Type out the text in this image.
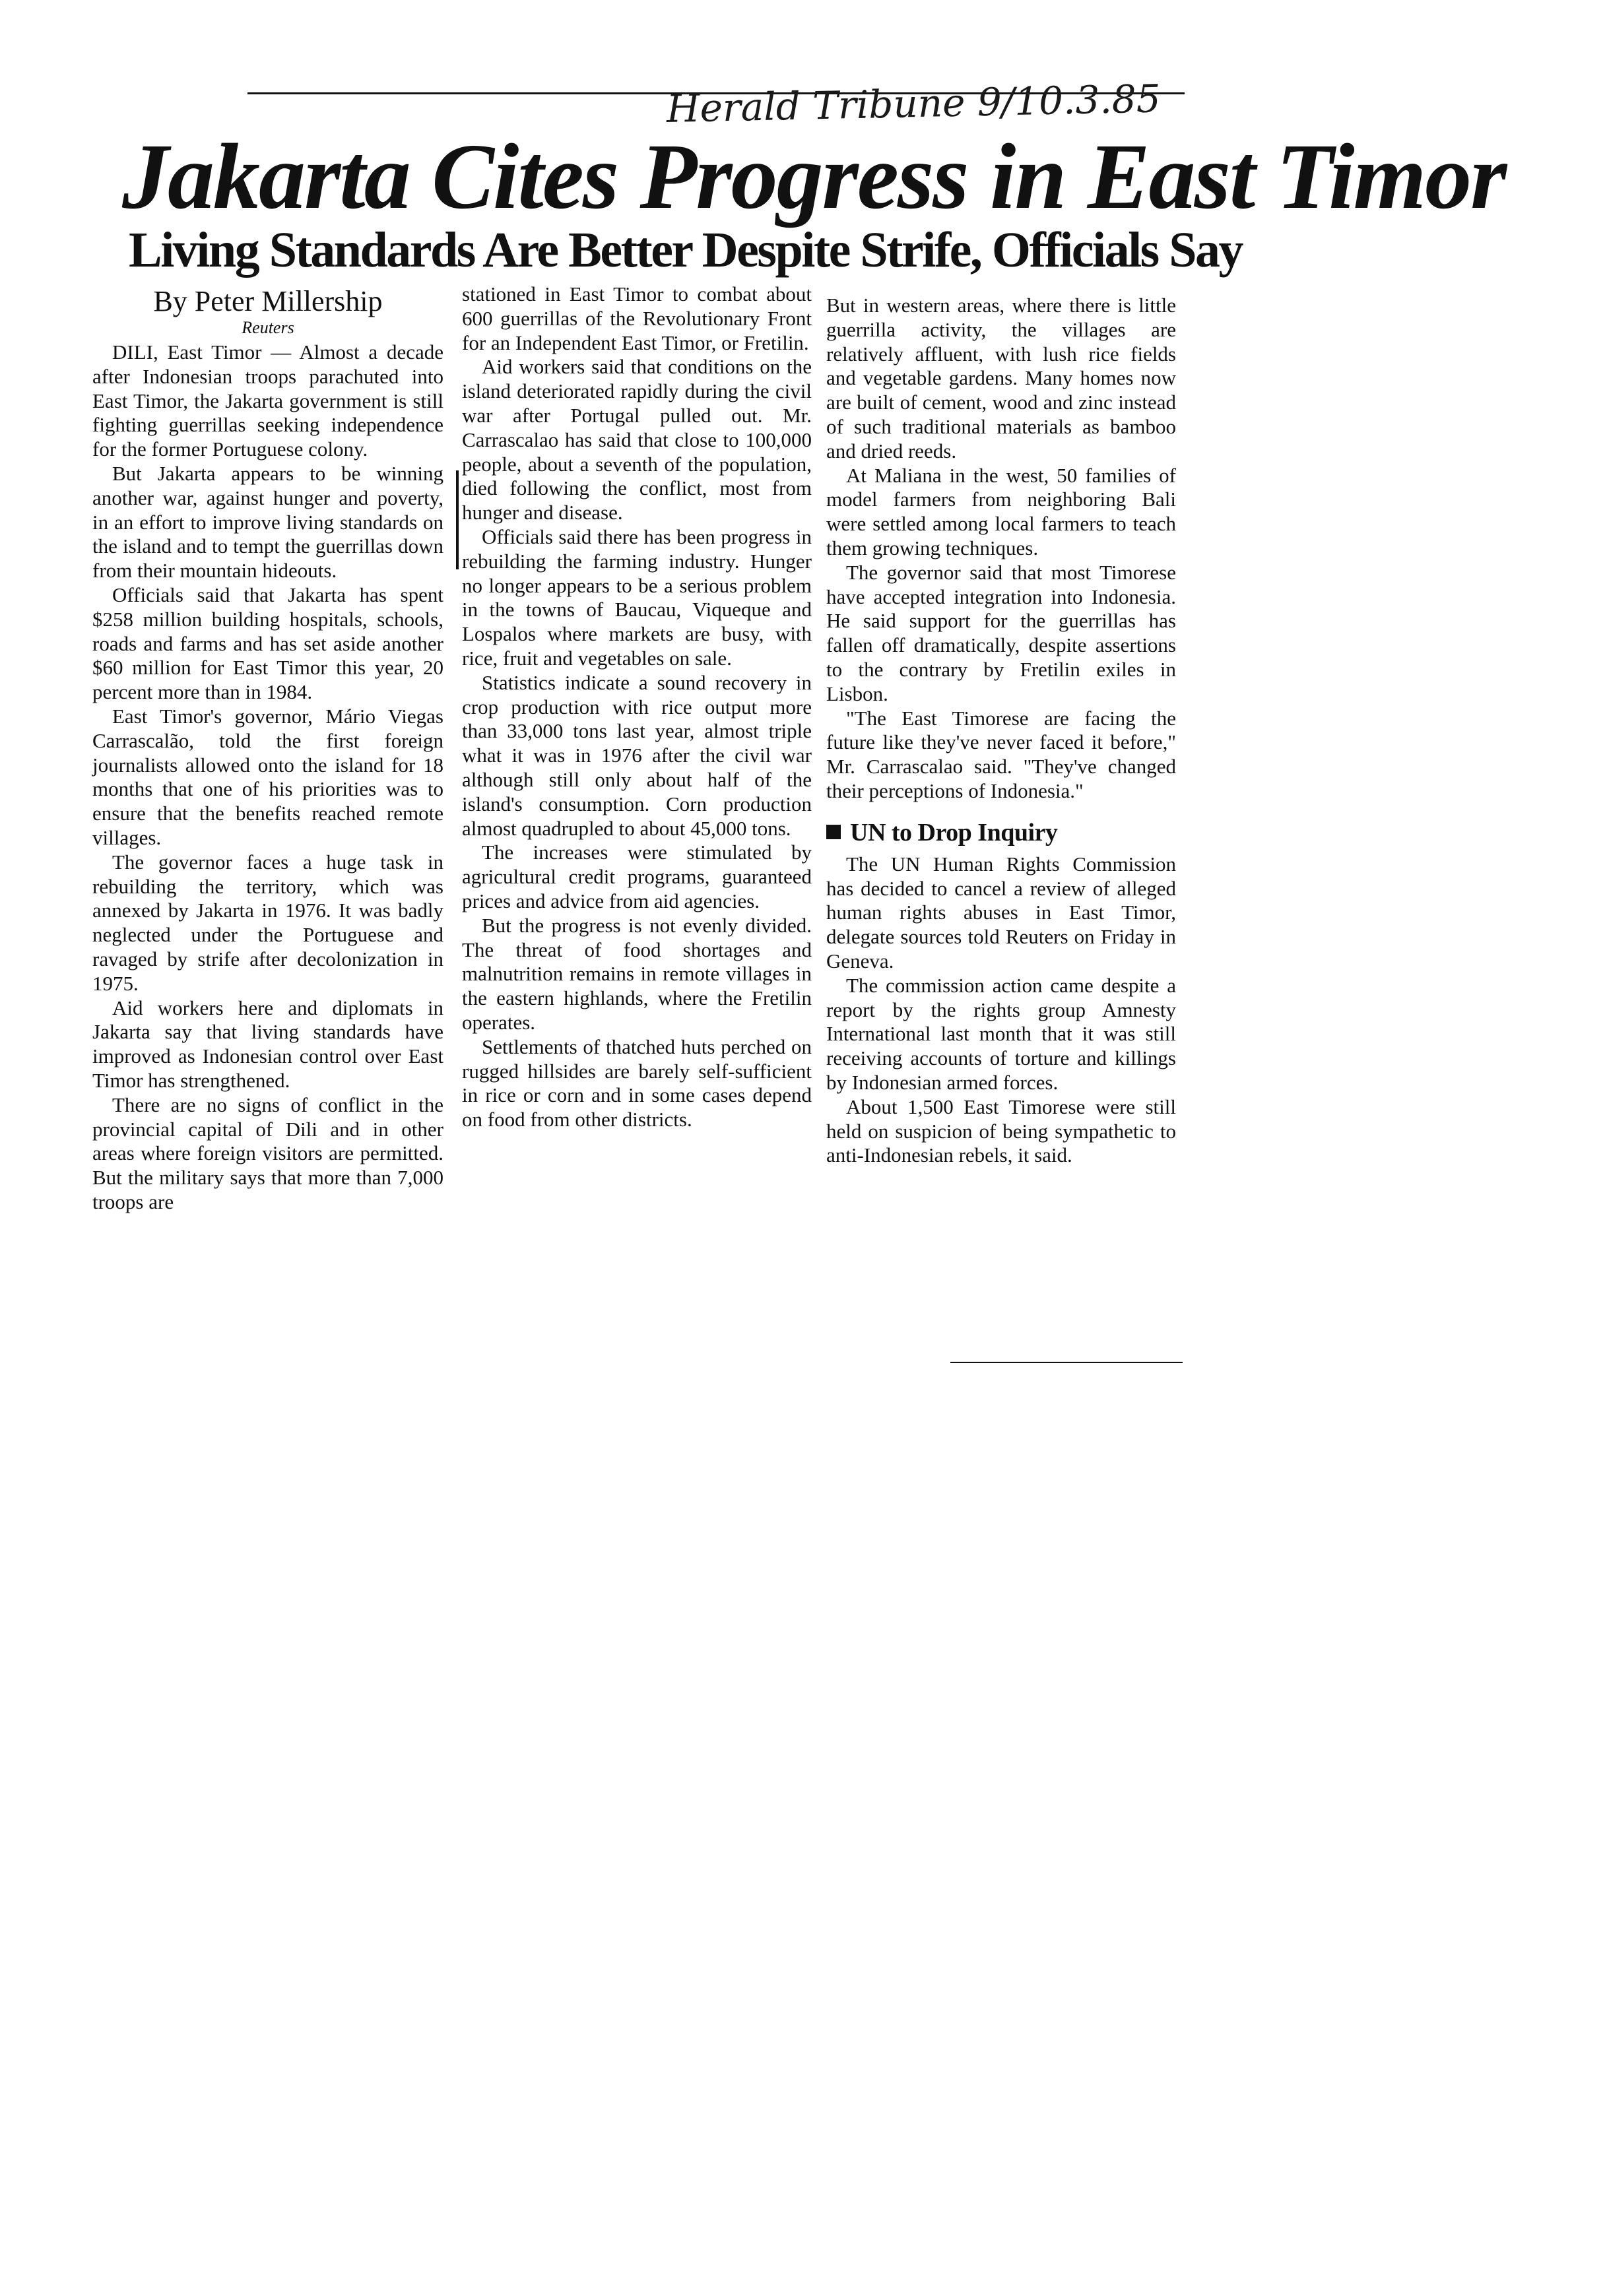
Herald Tribune 9/10.3.85
Jakarta Cites Progress in East Timor
Living Standards Are Better Despite Strife, Officials Say

By Peter Millership

Reuters

DILI, East Timor — Almost a decade after Indonesian troops parachuted into East Timor, the Jakarta government is still fighting guerrillas seeking independence for the former Portuguese colony.

But Jakarta appears to be winning another war, against hunger and poverty, in an effort to improve living standards on the island and to tempt the guerrillas down from their mountain hideouts.

Officials said that Jakarta has spent $258 million building hospitals, schools, roads and farms and has set aside another $60 million for East Timor this year, 20 percent more than in 1984.

East Timor's governor, Mário Viegas Carrascalão, told the first foreign journalists allowed onto the island for 18 months that one of his priorities was to ensure that the benefits reached remote villages.

The governor faces a huge task in rebuilding the territory, which was annexed by Jakarta in 1976. It was badly neglected under the Portuguese and ravaged by strife after decolonization in 1975.

Aid workers here and diplomats in Jakarta say that living standards have improved as Indonesian control over East Timor has strengthened.

There are no signs of conflict in the provincial capital of Dili and in other areas where foreign visitors are permitted. But the military says that more than 7,000 troops are

stationed in East Timor to combat about 600 guerrillas of the Revolutionary Front for an Independent East Timor, or Fretilin.

Aid workers said that conditions on the island deteriorated rapidly during the civil war after Portugal pulled out. Mr. Carrascalao has said that close to 100,000 people, about a seventh of the population, died following the conflict, most from hunger and disease.

Officials said there has been progress in rebuilding the farming industry. Hunger no longer appears to be a serious problem in the towns of Baucau, Viqueque and Lospalos where markets are busy, with rice, fruit and vegetables on sale.

Statistics indicate a sound recovery in crop production with rice output more than 33,000 tons last year, almost triple what it was in 1976 after the civil war although still only about half of the island's consumption. Corn production almost quadrupled to about 45,000 tons.

The increases were stimulated by agricultural credit programs, guaranteed prices and advice from aid agencies.

But the progress is not evenly divided. The threat of food shortages and malnutrition remains in remote villages in the eastern highlands, where the Fretilin operates.

Settlements of thatched huts perched on rugged hillsides are barely self-sufficient in rice or corn and in some cases depend on food from other districts.

But in western areas, where there is little guerrilla activity, the villages are relatively affluent, with lush rice fields and vegetable gardens. Many homes now are built of cement, wood and zinc instead of such traditional materials as bamboo and dried reeds.

At Maliana in the west, 50 families of model farmers from neighboring Bali were settled among local farmers to teach them growing techniques.

The governor said that most Timorese have accepted integration into Indonesia. He said support for the guerrillas has fallen off dramatically, despite assertions to the contrary by Fretilin exiles in Lisbon.

"The East Timorese are facing the future like they've never faced it before," Mr. Carrascalao said. "They've changed their perceptions of Indonesia."

UN to Drop Inquiry

The UN Human Rights Commission has decided to cancel a review of alleged human rights abuses in East Timor, delegate sources told Reuters on Friday in Geneva.

The commission action came despite a report by the rights group Amnesty International last month that it was still receiving accounts of torture and killings by Indonesian armed forces.

About 1,500 East Timorese were still held on suspicion of being sympathetic to anti-Indonesian rebels, it said.
